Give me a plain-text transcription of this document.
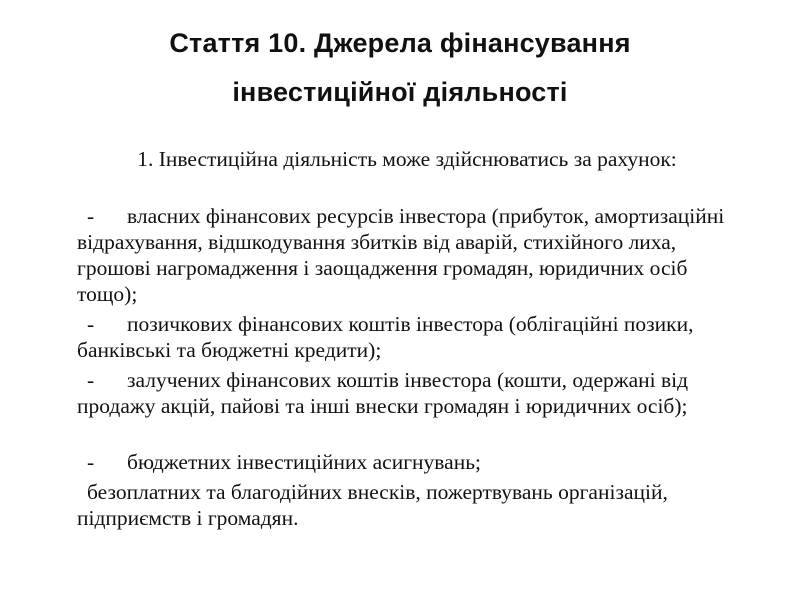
Стаття 10. Джерела фінансування
інвестиційної діяльності
1. Інвестиційна діяльність може здійснюватись за рахунок:
- власних фінансових ресурсів інвестора (прибуток, амортизаційні відрахування, відшкодування збитків від аварій, стихійного лиха, грошові нагромадження і заощадження громадян, юридичних осіб тощо);
- позичкових фінансових коштів інвестора (облігаційні позики, банківські та бюджетні кредити);
- залучених фінансових коштів інвестора (кошти, одержані від продажу акцій, пайові та інші внески громадян і юридичних осіб);
- бюджетних інвестиційних асигнувань;
безоплатних та благодійних внесків, пожертвувань організацій, підприємств і громадян.
